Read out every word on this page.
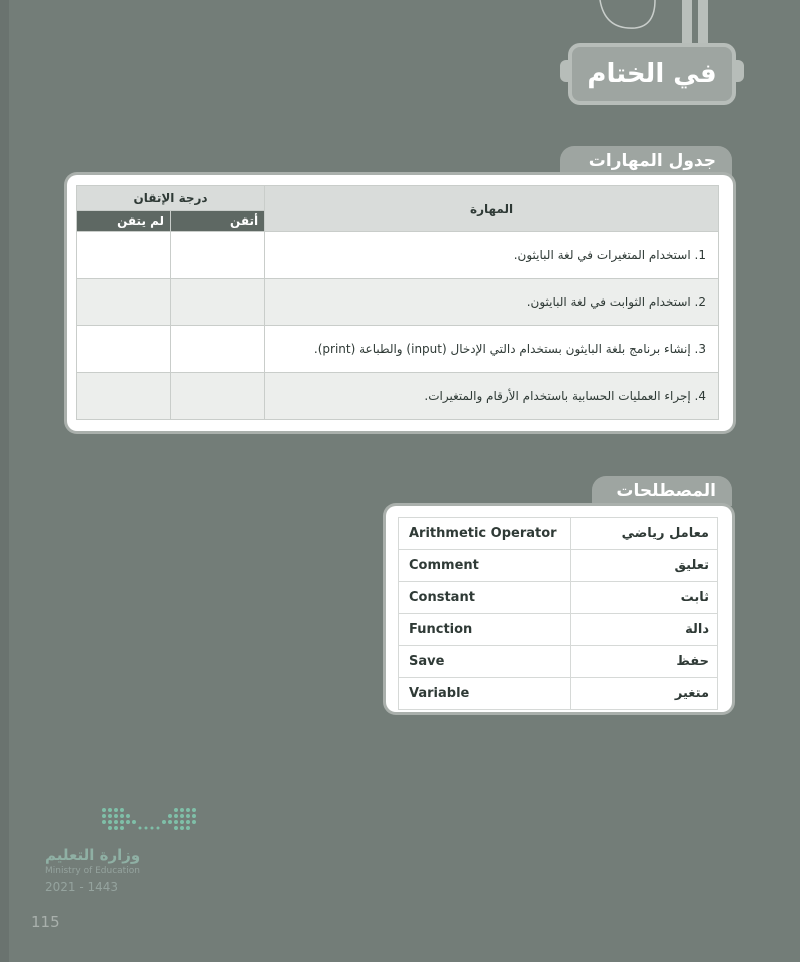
في الختام
جدول المهارات
المهارة	درجة الإتقان	
	أتقن	لم يتقن
1. استخدام المتغيرات في لغة البايثون.		
2. استخدام الثوابت في لغة البايثون.		
3. إنشاء برنامج بلغة البايثون بستخدام دالتي الإدخال (input) والطباعة (print).		
4. إجراء العمليات الحسابية باستخدام الأرقام والمتغيرات.		
المصطلحات
Arithmetic Operator	معامل رياضي
Comment	تعليق
Constant	ثابت
Function	دالة
Save	حفظ
Variable	متغير
وزارة التعليم
Ministry of Education
2021 - 1443
115
